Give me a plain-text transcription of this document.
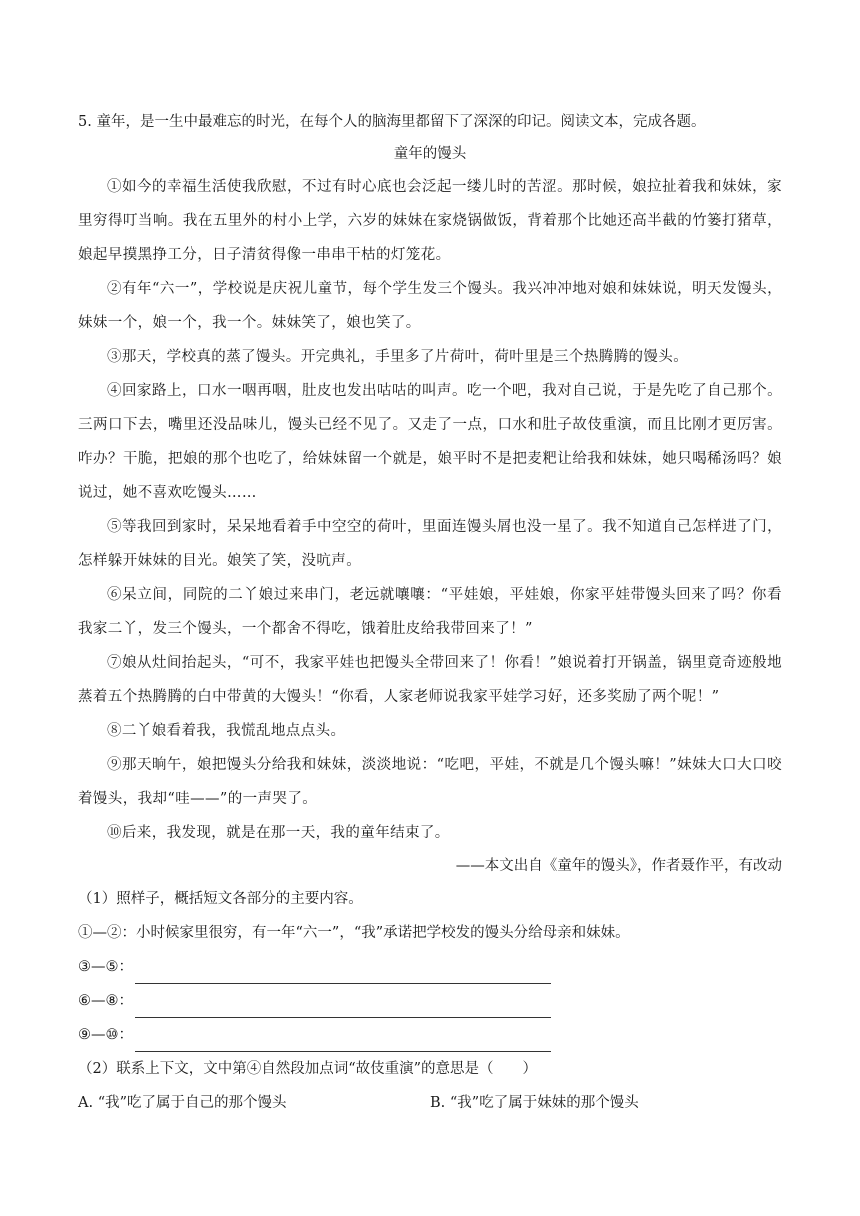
5. 童年，是一生中最难忘的时光，在每个人的脑海里都留下了深深的印记。阅读文本，完成各题。

童年的馒头

①如今的幸福生活使我欣慰，不过有时心底也会泛起一缕儿时的苦涩。那时候，娘拉扯着我和妹妹，家里穷得叮当响。我在五里外的村小上学，六岁的妹妹在家烧锅做饭，背着那个比她还高半截的竹篓打猪草，娘起早摸黑挣工分，日子清贫得像一串串干枯的灯笼花。

②有年“六一”，学校说是庆祝儿童节，每个学生发三个馒头。我兴冲冲地对娘和妹妹说，明天发馒头，妹妹一个，娘一个，我一个。妹妹笑了，娘也笑了。

③那天，学校真的蒸了馒头。开完典礼，手里多了片荷叶，荷叶里是三个热腾腾的馒头。

④回家路上，口水一咽再咽，肚皮也发出咕咕的叫声。吃一个吧，我对自己说，于是先吃了自己那个。三两口下去，嘴里还没品味儿，馒头已经不见了。又走了一点，口水和肚子故伎重演，而且比刚才更厉害。咋办？干脆，把娘的那个也吃了，给妹妹留一个就是，娘平时不是把麦粑让给我和妹妹，她只喝稀汤吗？娘说过，她不喜欢吃馒头……

⑤等我回到家时，呆呆地看着手中空空的荷叶，里面连馒头屑也没一星了。我不知道自己怎样进了门，怎样躲开妹妹的目光。娘笑了笑，没吭声。

⑥呆立间，同院的二丫娘过来串门，老远就嚷嚷：“平娃娘，平娃娘，你家平娃带馒头回来了吗？你看我家二丫，发三个馒头，一个都舍不得吃，饿着肚皮给我带回来了！”

⑦娘从灶间抬起头，“可不，我家平娃也把馒头全带回来了！你看！”娘说着打开锅盖，锅里竟奇迹般地蒸着五个热腾腾的白中带黄的大馒头！“你看，人家老师说我家平娃学习好，还多奖励了两个呢！”

⑧二丫娘看着我，我慌乱地点点头。

⑨那天晌午，娘把馒头分给我和妹妹，淡淡地说：“吃吧，平娃，不就是几个馒头嘛！”妹妹大口大口咬着馒头，我却“哇——”的一声哭了。

⑩后来，我发现，就是在那一天，我的童年结束了。

——本文出自《童年的馒头》，作者聂作平，有改动

（1）照样子，概括短文各部分的主要内容。

①—②：小时候家里很穷，有一年“六一”，“我”承诺把学校发的馒头分给母亲和妹妹。

③—⑤：
⑥—⑧：
⑨—⑩：

（2）联系上下文，文中第④自然段加点词“故伎重演”的意思是（　　）

A. “我”吃了属于自己的那个馒头	B. “我”吃了属于妹妹的那个馒头
